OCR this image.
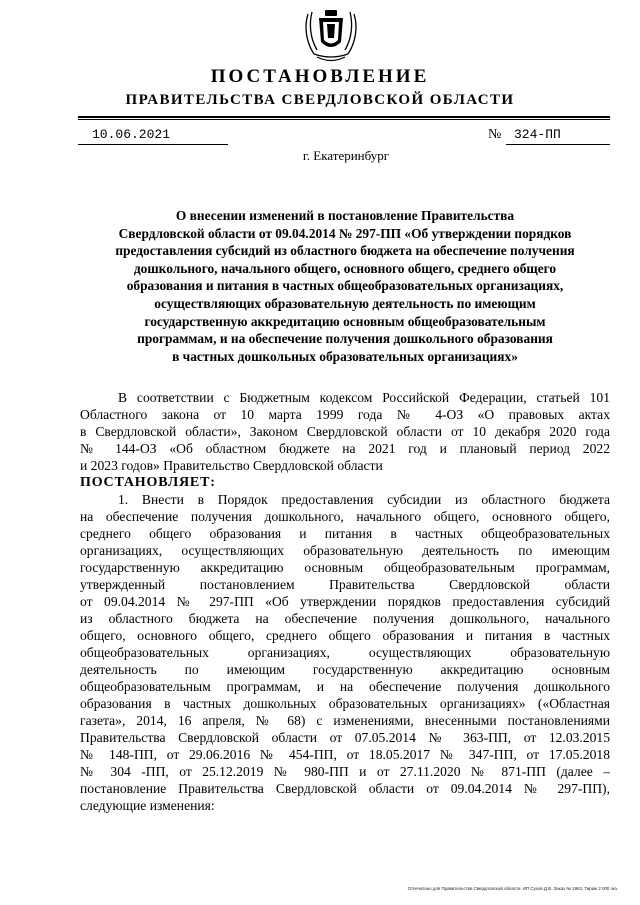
ПОСТАНОВЛЕНИЕ
ПРАВИТЕЛЬСТВА СВЕРДЛОВСКОЙ ОБЛАСТИ
10.06.2021	№ 324-ПП
г. Екатеринбург
О внесении изменений в постановление Правительства
Свердловской области от 09.04.2014 № 297-ПП «Об утверждении порядков
предоставления субсидий из областного бюджета на обеспечение получения
дошкольного, начального общего, основного общего, среднего общего
образования и питания в частных общеобразовательных организациях,
осуществляющих образовательную деятельность по имеющим
государственную аккредитацию основным общеобразовательным
программам, и на обеспечение получения дошкольного образования
в частных дошкольных образовательных организациях»
В соответствии с Бюджетным кодексом Российской Федерации, статьей 101
Областного закона от 10 марта 1999 года № 4-ОЗ «О правовых актах
в Свердловской области», Законом Свердловской области от 10 декабря 2020 года
№ 144-ОЗ «Об областном бюджете на 2021 год и плановый период 2022
и 2023 годов» Правительство Свердловской области
ПОСТАНОВЛЯЕТ:
1. Внести в Порядок предоставления субсидии из областного бюджета
на обеспечение получения дошкольного, начального общего, основного общего,
среднего общего образования и питания в частных общеобразовательных
организациях, осуществляющих образовательную деятельность по имеющим
государственную аккредитацию основным общеобразовательным программам,
утвержденный постановлением Правительства Свердловской области
от 09.04.2014 № 297-ПП «Об утверждении порядков предоставления субсидий
из областного бюджета на обеспечение получения дошкольного, начального
общего, основного общего, среднего общего образования и питания в частных
общеобразовательных организациях, осуществляющих образовательную
деятельность по имеющим государственную аккредитацию основным
общеобразовательным программам, и на обеспечение получения дошкольного
образования в частных дошкольных образовательных организациях» («Областная
газета», 2014, 16 апреля, № 68) с изменениями, внесенными постановлениями
Правительства Свердловской области от 07.05.2014 № 363-ПП, от 12.03.2015
№ 148-ПП, от 29.06.2016 № 454-ПП, от 18.05.2017 № 347-ПП, от 17.05.2018
№ 304 -ПП, от 25.12.2019 № 980-ПП и от 27.11.2020 № 871-ПП (далее –
постановление Правительства Свердловской области от 09.04.2014 № 297-ПП),
следующие изменения:
Отпечатано для Правительства Свердловской области. ИП Сухов Д.В. Заказ № 1963. Тираж 2 000 экз.
